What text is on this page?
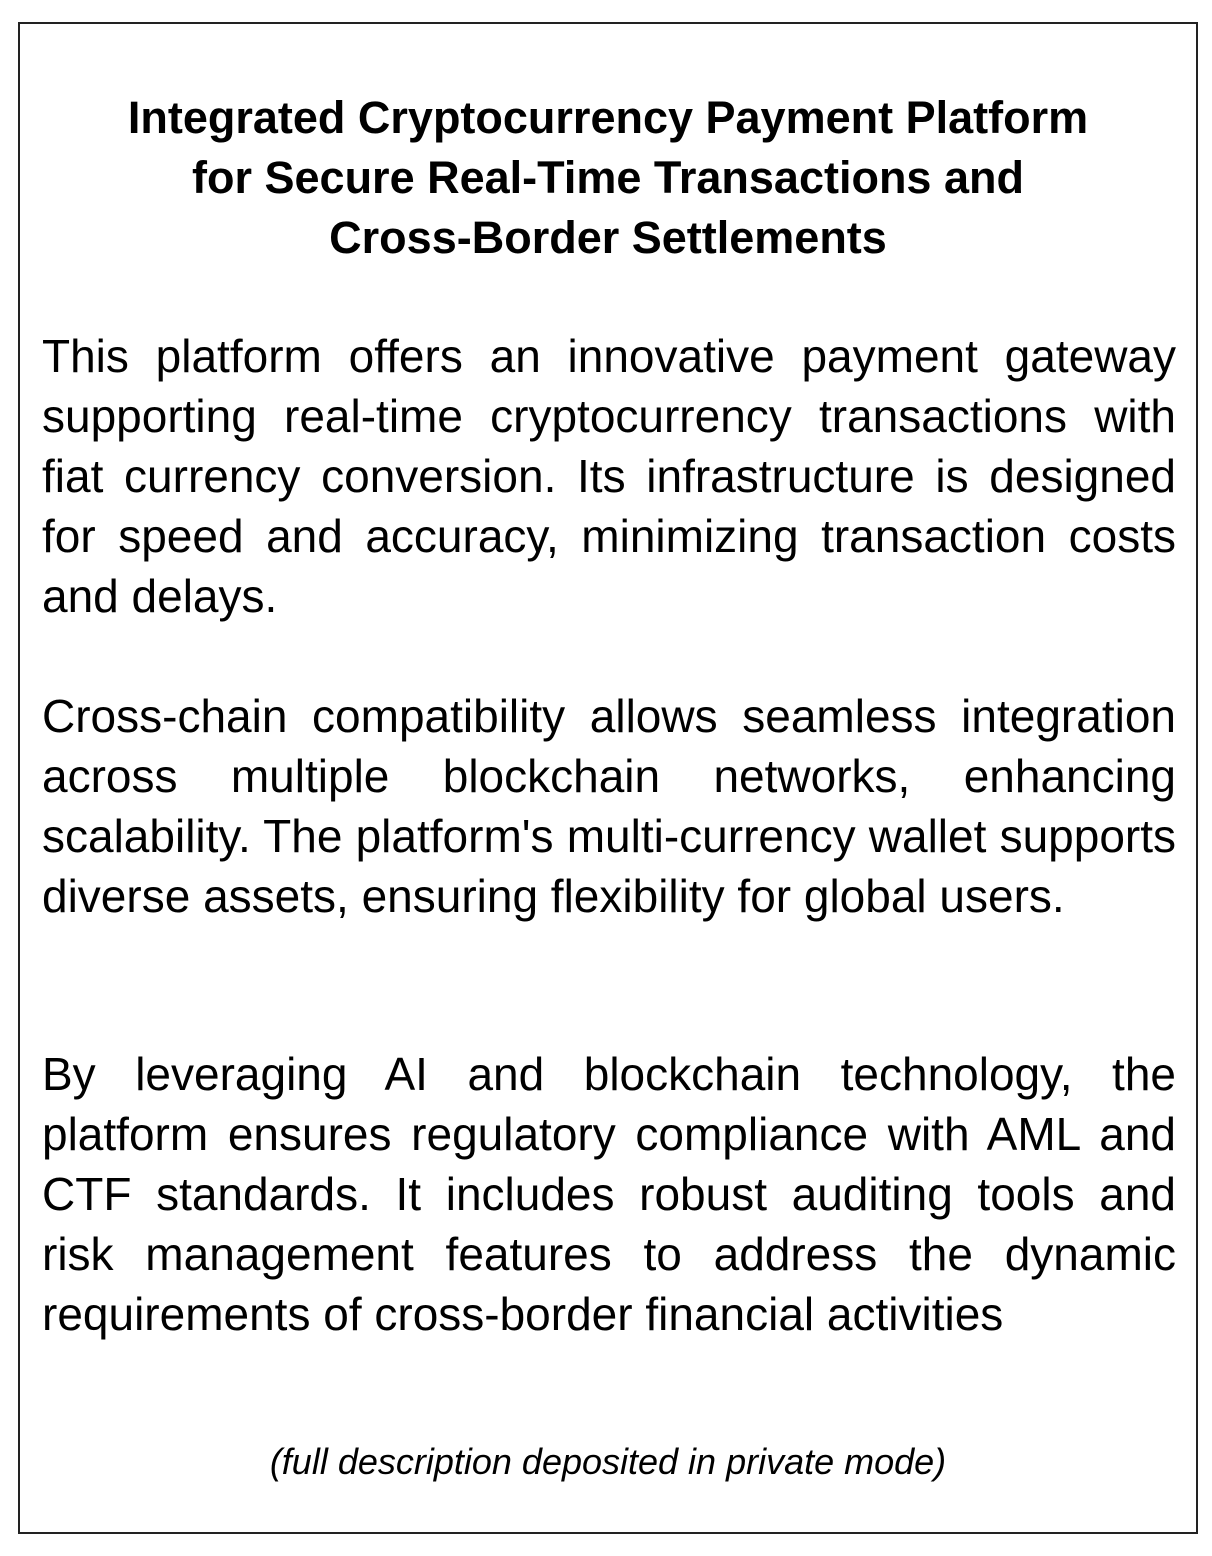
Integrated Cryptocurrency Payment Platform
for Secure Real-Time Transactions and
Cross-Border Settlements

This platform offers an innovative payment gateway supporting real-time cryptocurrency transactions with fiat currency conversion. Its infrastructure is designed for speed and accuracy, minimizing transaction costs and delays.

Cross-chain compatibility allows seamless integration across multiple blockchain networks, enhancing scalability. The platform's multi-currency wallet supports diverse assets, ensuring flexibility for global users.

By leveraging AI and blockchain technology, the platform ensures regulatory compliance with AML and CTF standards. It includes robust auditing tools and risk management features to address the dynamic requirements of cross-border financial activities

(full description deposited in private mode)
